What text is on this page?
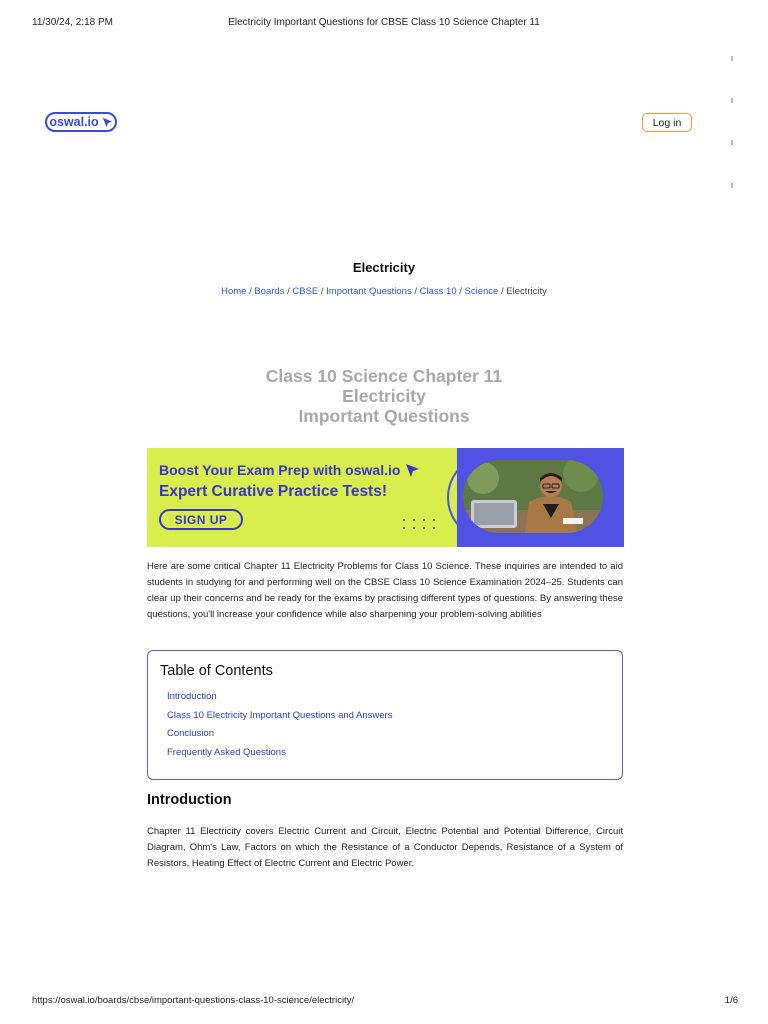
11/30/24, 2:18 PM	Electricity Important Questions for CBSE Class 10 Science Chapter 11
oswal.io	Log in
Electricity
Home / Boards / CBSE / Important Questions / Class 10 / Science / Electricity
Class 10 Science Chapter 11
Electricity
Important Questions
Boost Your Exam Prep with oswal.io
Expert Curative Practice Tests!
SIGN UP
Here are some critical Chapter 11 Electricity Problems for Class 10 Science. These inquiries are intended to aid students in studying for and performing well on the CBSE Class 10 Science Examination 2024–25. Students can clear up their concerns and be ready for the exams by practising different types of questions. By answering these questions, you'll increase your confidence while also sharpening your problem-solving abilities
Table of Contents
Introduction
Class 10 Electricity Important Questions and Answers
Conclusion
Frequently Asked Questions
Introduction
Chapter 11 Electricity covers Electric Current and Circuit, Electric Potential and Potential Difference, Circuit Diagram, Ohm's Law, Factors on which the Resistance of a Conductor Depends, Resistance of a System of Resistors, Heating Effect of Electric Current and Electric Power.
https://oswal.io/boards/cbse/important-questions-class-10-science/electricity/	1/6
